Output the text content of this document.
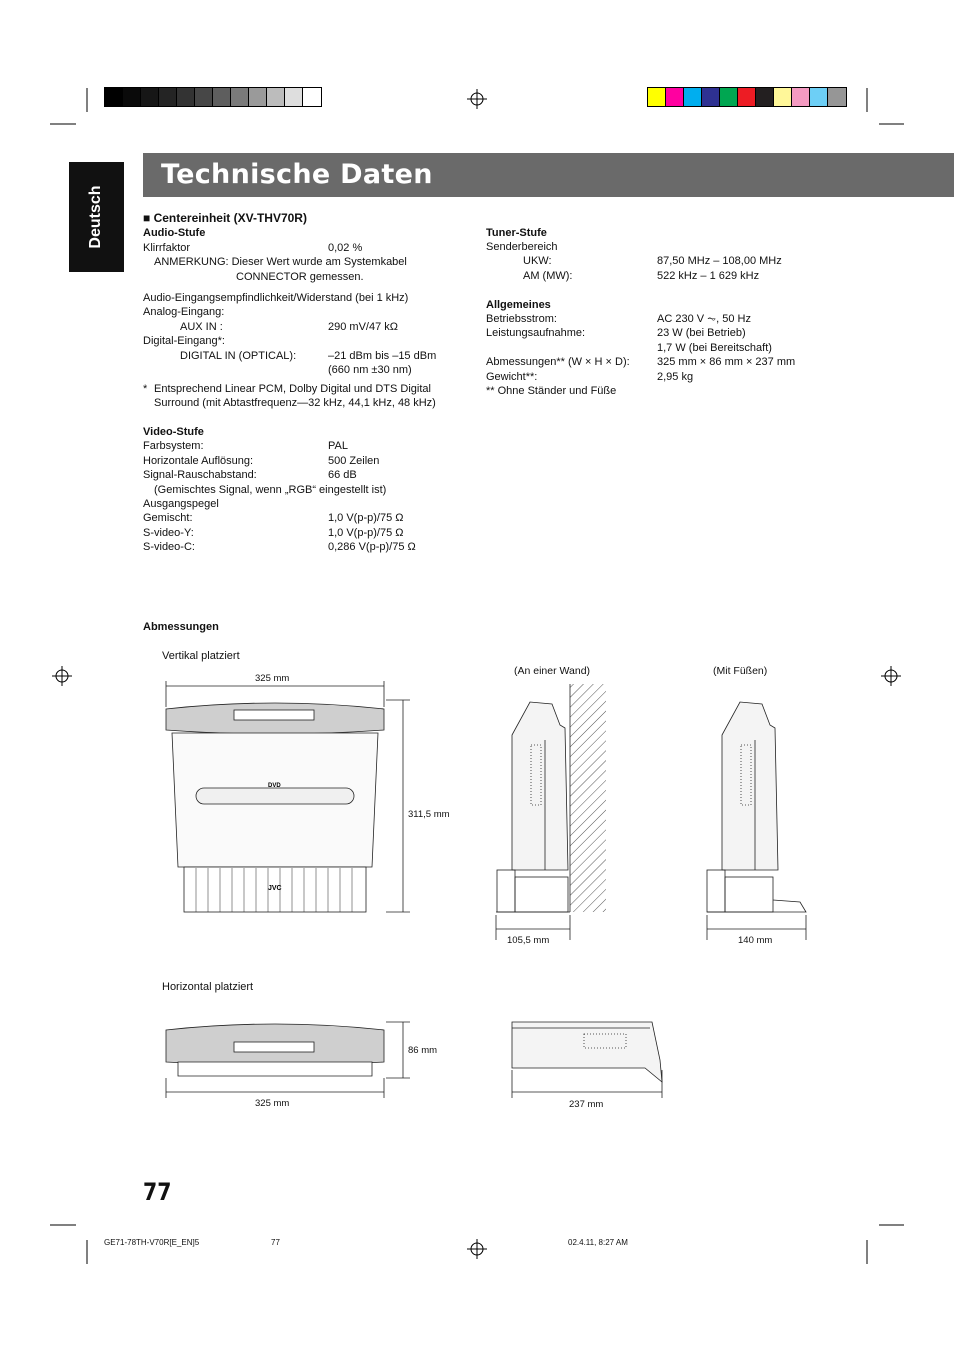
Deutsch
Technische Daten
■ Centereinheit (XV-THV70R)
Audio-Stufe
Klirrfaktor	0,02 %
ANMERKUNG: Dieser Wert wurde am Systemkabel
CONNECTOR gemessen.
Audio-Eingangsempfindlichkeit/Widerstand (bei 1 kHz)
Analog-Eingang:
AUX IN :	290 mV/47 kΩ
Digital-Eingang*:
DIGITAL IN (OPTICAL):	–21 dBm bis –15 dBm
(660 nm ±30 nm)
* Entsprechend Linear PCM, Dolby Digital und DTS Digital
Surround (mit Abtastfrequenz—32 kHz, 44,1 kHz, 48 kHz)
Video-Stufe
Farbsystem:	PAL
Horizontale Auflösung:	500 Zeilen
Signal-Rauschabstand:	66 dB
(Gemischtes Signal, wenn „RGB“ eingestellt ist)
Ausgangspegel
Gemischt:	1,0 V(p-p)/75 Ω
S-video-Y:	1,0 V(p-p)/75 Ω
S-video-C:	0,286 V(p-p)/75 Ω
Tuner-Stufe
Senderbereich
UKW:	87,50 MHz – 108,00 MHz
AM (MW):	522 kHz – 1 629 kHz
Allgemeines
Betriebsstrom:	AC 230 V ⏦, 50 Hz
Leistungsaufnahme:	23 W (bei Betrieb)
1,7 W (bei Bereitschaft)
Abmessungen** (W × H × D): 325 mm × 86 mm × 237 mm
Gewicht**:	2,95 kg
** Ohne Ständer und Füße
Abmessungen
Vertikal platziert
(An einer Wand)	(Mit Füßen)
325 mm
311,5 mm
105,5 mm	140 mm
Horizontal platziert
86 mm
325 mm	237 mm
DVD
JVC
77
GE71-78TH-V70R[E_EN]5	77	02.4.11, 8:27 AM
